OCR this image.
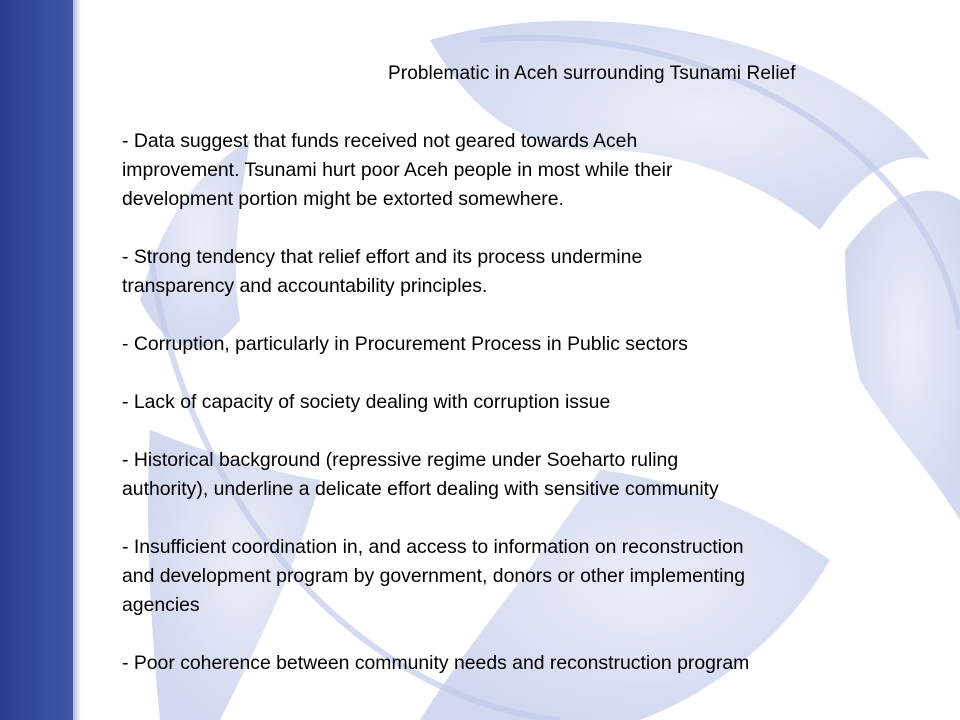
Problematic in Aceh surrounding Tsunami Relief
- Data suggest that funds received not geared towards Aceh
improvement. Tsunami hurt poor Aceh people in most while their
development portion might be extorted somewhere.
- Strong tendency that relief effort and its process undermine
transparency and accountability principles.
- Corruption, particularly in Procurement Process in Public sectors
- Lack of capacity of society dealing with corruption issue
- Historical background (repressive regime under Soeharto ruling
authority), underline a delicate effort dealing with sensitive community
- Insufficient coordination in, and access to information on reconstruction
and development program by government, donors or other implementing
agencies
- Poor coherence between community needs and reconstruction program
